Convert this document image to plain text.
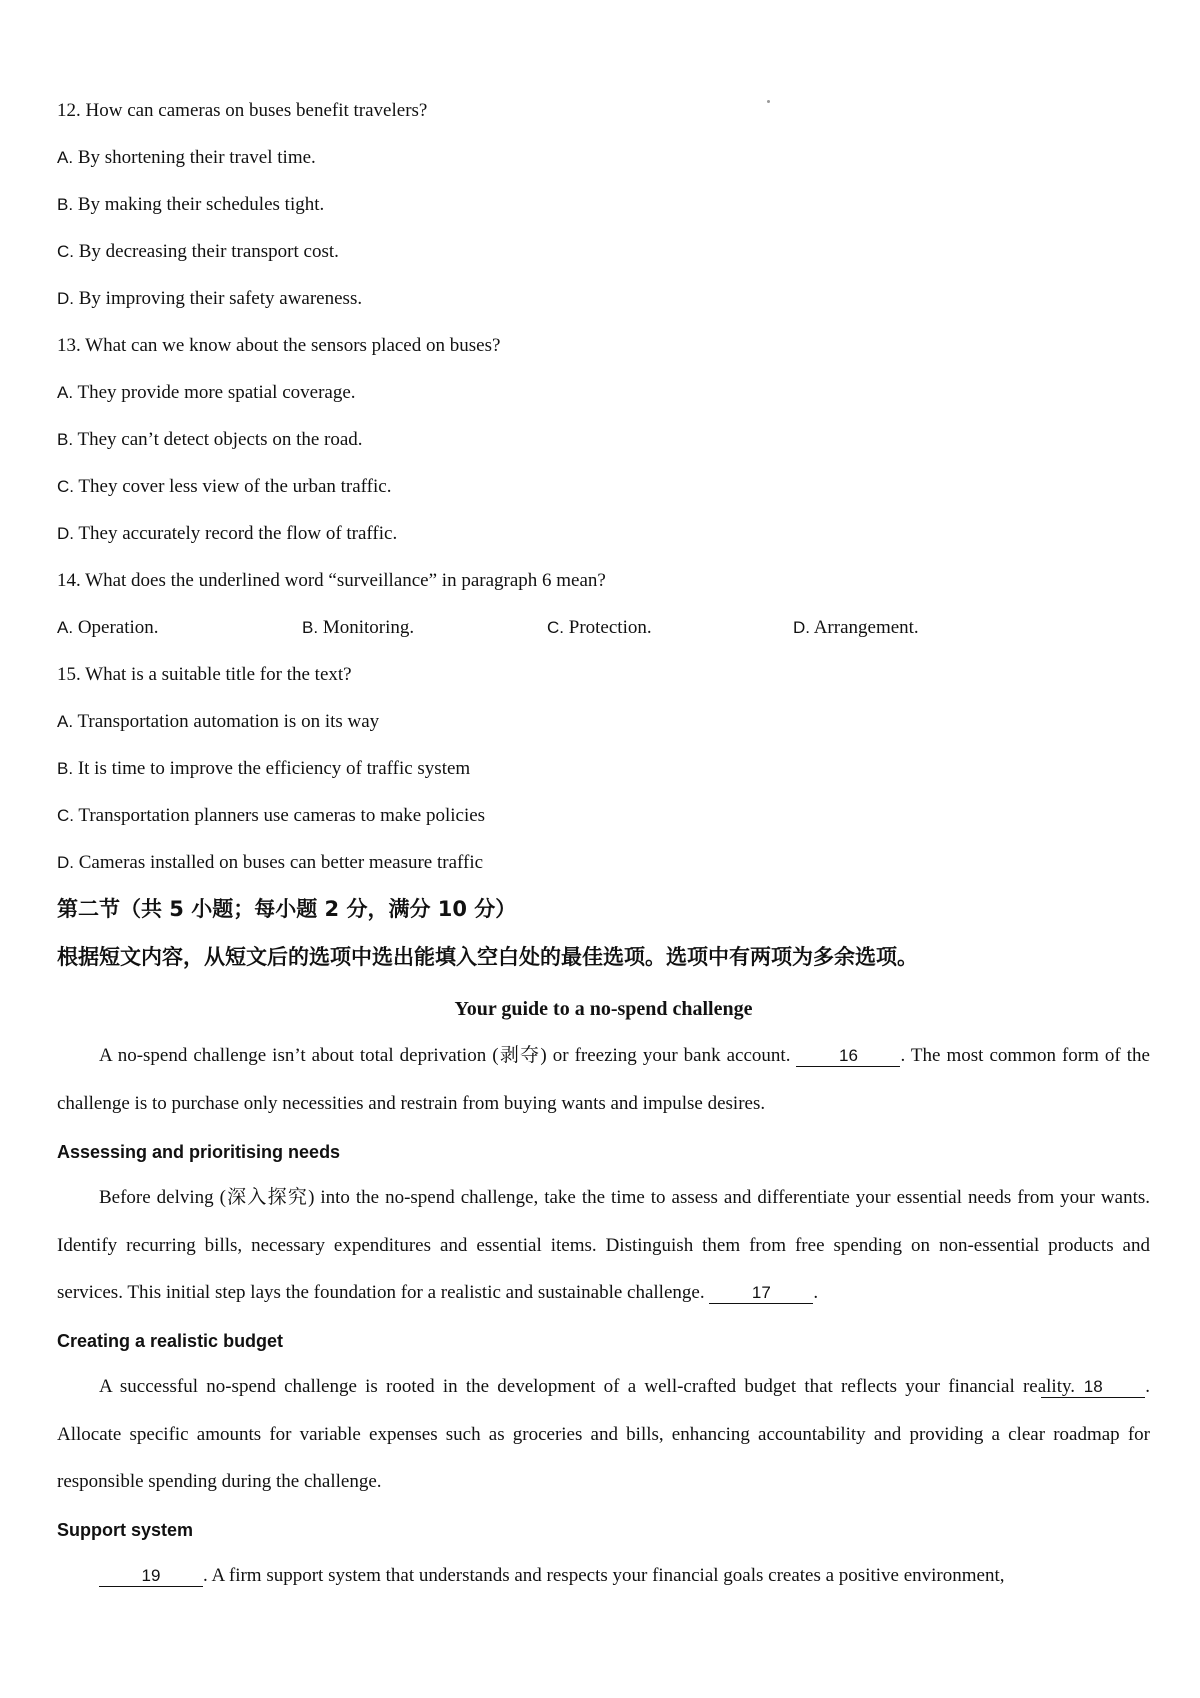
12. How can cameras on buses benefit travelers?
A. By shortening their travel time.
B. By making their schedules tight.
C. By decreasing their transport cost.
D. By improving their safety awareness.
13. What can we know about the sensors placed on buses?
A. They provide more spatial coverage.
B. They can’t detect objects on the road.
C. They cover less view of the urban traffic.
D. They accurately record the flow of traffic.
14. What does the underlined word “surveillance” in paragraph 6 mean?
A. Operation.	B. Monitoring.	C. Protection.	D. Arrangement.
15. What is a suitable title for the text?
A. Transportation automation is on its way
B. It is time to improve the efficiency of traffic system
C. Transportation planners use cameras to make policies
D. Cameras installed on buses can better measure traffic
第二节（共 5 小题；每小题 2 分，满分 10 分）
根据短文内容，从短文后的选项中选出能填入空白处的最佳选项。选项中有两项为多余选项。
Your guide to a no-spend challenge
A no-spend challenge isn’t about total deprivation (剥夺) or freezing your bank account.	16 . The most common form of the challenge is to purchase only necessities and restrain from buying wants and impulse desires.
Assessing and prioritising needs
Before delving (深入探究) into the no-spend challenge, take the time to assess and differentiate your essential needs from your wants. Identify recurring bills, necessary expenditures and essential items. Distinguish them from free spending on non-essential products and services. This initial step lays the foundation for a realistic and sustainable challenge.	17 .
Creating a realistic budget
A successful no-spend challenge is rooted in the development of a well-crafted budget that reflects your financial reality. 18 . Allocate specific amounts for variable expenses such as groceries and bills, enhancing accountability and providing a clear roadmap for responsible spending during the challenge.
Support system
19 . A firm support system that understands and respects your financial goals creates a positive environment,
